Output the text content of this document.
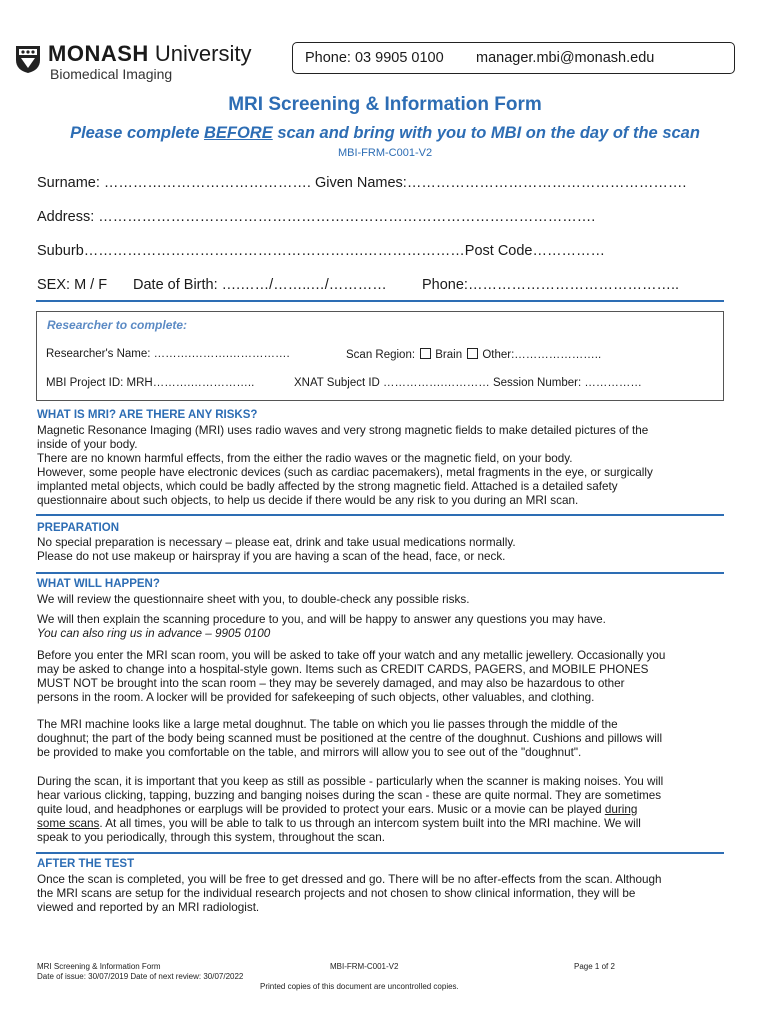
MONASH University
Biomedical Imaging
Phone: 03 9905 0100 manager.mbi@monash.edu
MRI Screening & Information Form
Please complete BEFORE scan and bring with you to MBI on the day of the scan
MBI-FRM-C001-V2
Surname: ……………………………………. Given Names:………………………………………………….
Address: ………………………………………………………………………………………….
Suburb………………………………………………….…………………Post Code……………
SEX: M / F Date of Birth: ….……/……..…/………… Phone:……………………………………..
Researcher to complete:
Researcher's Name: ……….……….…………….	Scan Region: Brain Other:…………………..
MBI Project ID: MRH……….……………..	XNAT Subject ID …………….………… Session Number: ……………
WHAT IS MRI? ARE THERE ANY RISKS?
Magnetic Resonance Imaging (MRI) uses radio waves and very strong magnetic fields to make detailed pictures of the
inside of your body.
There are no known harmful effects, from the either the radio waves or the magnetic field, on your body.
However, some people have electronic devices (such as cardiac pacemakers), metal fragments in the eye, or surgically
implanted metal objects, which could be badly affected by the strong magnetic field. Attached is a detailed safety
questionnaire about such objects, to help us decide if there would be any risk to you during an MRI scan.
PREPARATION
No special preparation is necessary – please eat, drink and take usual medications normally.
Please do not use makeup or hairspray if you are having a scan of the head, face, or neck.
WHAT WILL HAPPEN?
We will review the questionnaire sheet with you, to double-check any possible risks.
We will then explain the scanning procedure to you, and will be happy to answer any questions you may have.
You can also ring us in advance – 9905 0100
Before you enter the MRI scan room, you will be asked to take off your watch and any metallic jewellery. Occasionally you
may be asked to change into a hospital-style gown. Items such as CREDIT CARDS, PAGERS, and MOBILE PHONES
MUST NOT be brought into the scan room – they may be severely damaged, and may also be hazardous to other
persons in the room. A locker will be provided for safekeeping of such objects, other valuables, and clothing.
The MRI machine looks like a large metal doughnut. The table on which you lie passes through the middle of the
doughnut; the part of the body being scanned must be positioned at the centre of the doughnut. Cushions and pillows will
be provided to make you comfortable on the table, and mirrors will allow you to see out of the "doughnut".
During the scan, it is important that you keep as still as possible - particularly when the scanner is making noises. You will
hear various clicking, tapping, buzzing and banging noises during the scan - these are quite normal. They are sometimes
quite loud, and headphones or earplugs will be provided to protect your ears. Music or a movie can be played during
some scans. At all times, you will be able to talk to us through an intercom system built into the MRI machine. We will
speak to you periodically, through this system, throughout the scan.
AFTER THE TEST
Once the scan is completed, you will be free to get dressed and go. There will be no after-effects from the scan. Although
the MRI scans are setup for the individual research projects and not chosen to show clinical information, they will be
viewed and reported by an MRI radiologist.
MRI Screening & Information Form
Date of issue: 30/07/2019 Date of next review: 30/07/2022
MBI-FRM-C001-V2	Page 1 of 2
Printed copies of this document are uncontrolled copies.
